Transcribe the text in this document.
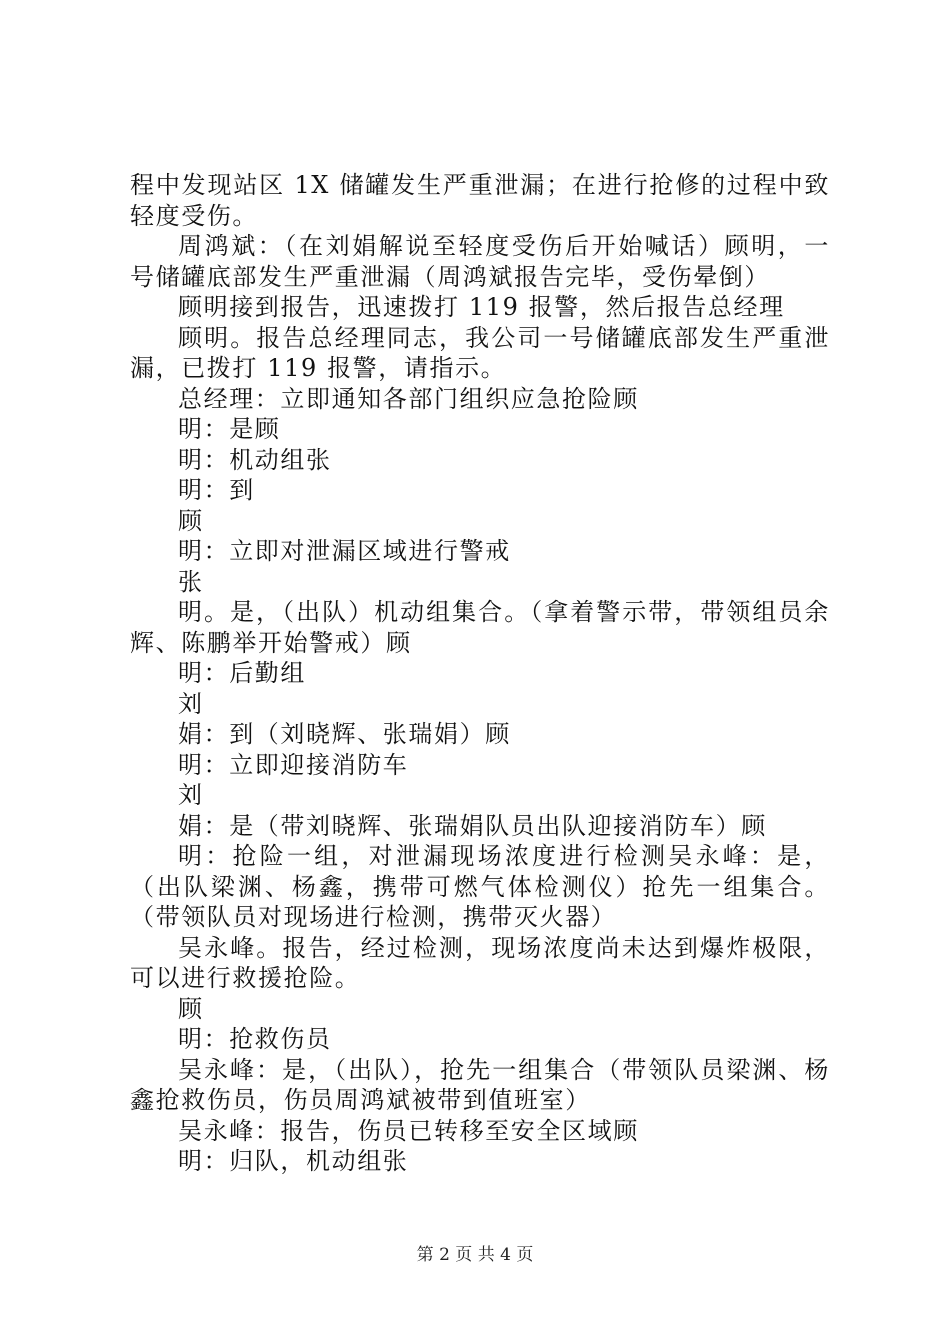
程中发现站区 1X 储罐发生严重泄漏；在进行抢修的过程中致轻度受伤。

周鸿斌：（在刘娟解说至轻度受伤后开始喊话）顾明，一号储罐底部发生严重泄漏（周鸿斌报告完毕，受伤晕倒）

顾明接到报告，迅速拨打 119 报警，然后报告总经理

顾明。报告总经理同志，我公司一号储罐底部发生严重泄漏，已拨打 119 报警，请指示。

总经理：立即通知各部门组织应急抢险顾

明：是顾

明：机动组张

明：到

顾

明：立即对泄漏区域进行警戒

张

明。是，（出队）机动组集合。（拿着警示带，带领组员余辉、陈鹏举开始警戒）顾

明：后勤组

刘

娟：到（刘晓辉、张瑞娟）顾

明：立即迎接消防车

刘

娟：是（带刘晓辉、张瑞娟队员出队迎接消防车）顾

明：抢险一组，对泄漏现场浓度进行检测吴永峰：是，（出队梁渊、杨鑫，携带可燃气体检测仪）抢先一组集合。（带领队员对现场进行检测，携带灭火器）

吴永峰。报告，经过检测，现场浓度尚未达到爆炸极限，可以进行救援抢险。

顾

明：抢救伤员

吴永峰：是，（出队），抢先一组集合（带领队员梁渊、杨鑫抢救伤员，伤员周鸿斌被带到值班室）

吴永峰：报告，伤员已转移至安全区域顾

明：归队，机动组张

第 2 页 共 4 页
